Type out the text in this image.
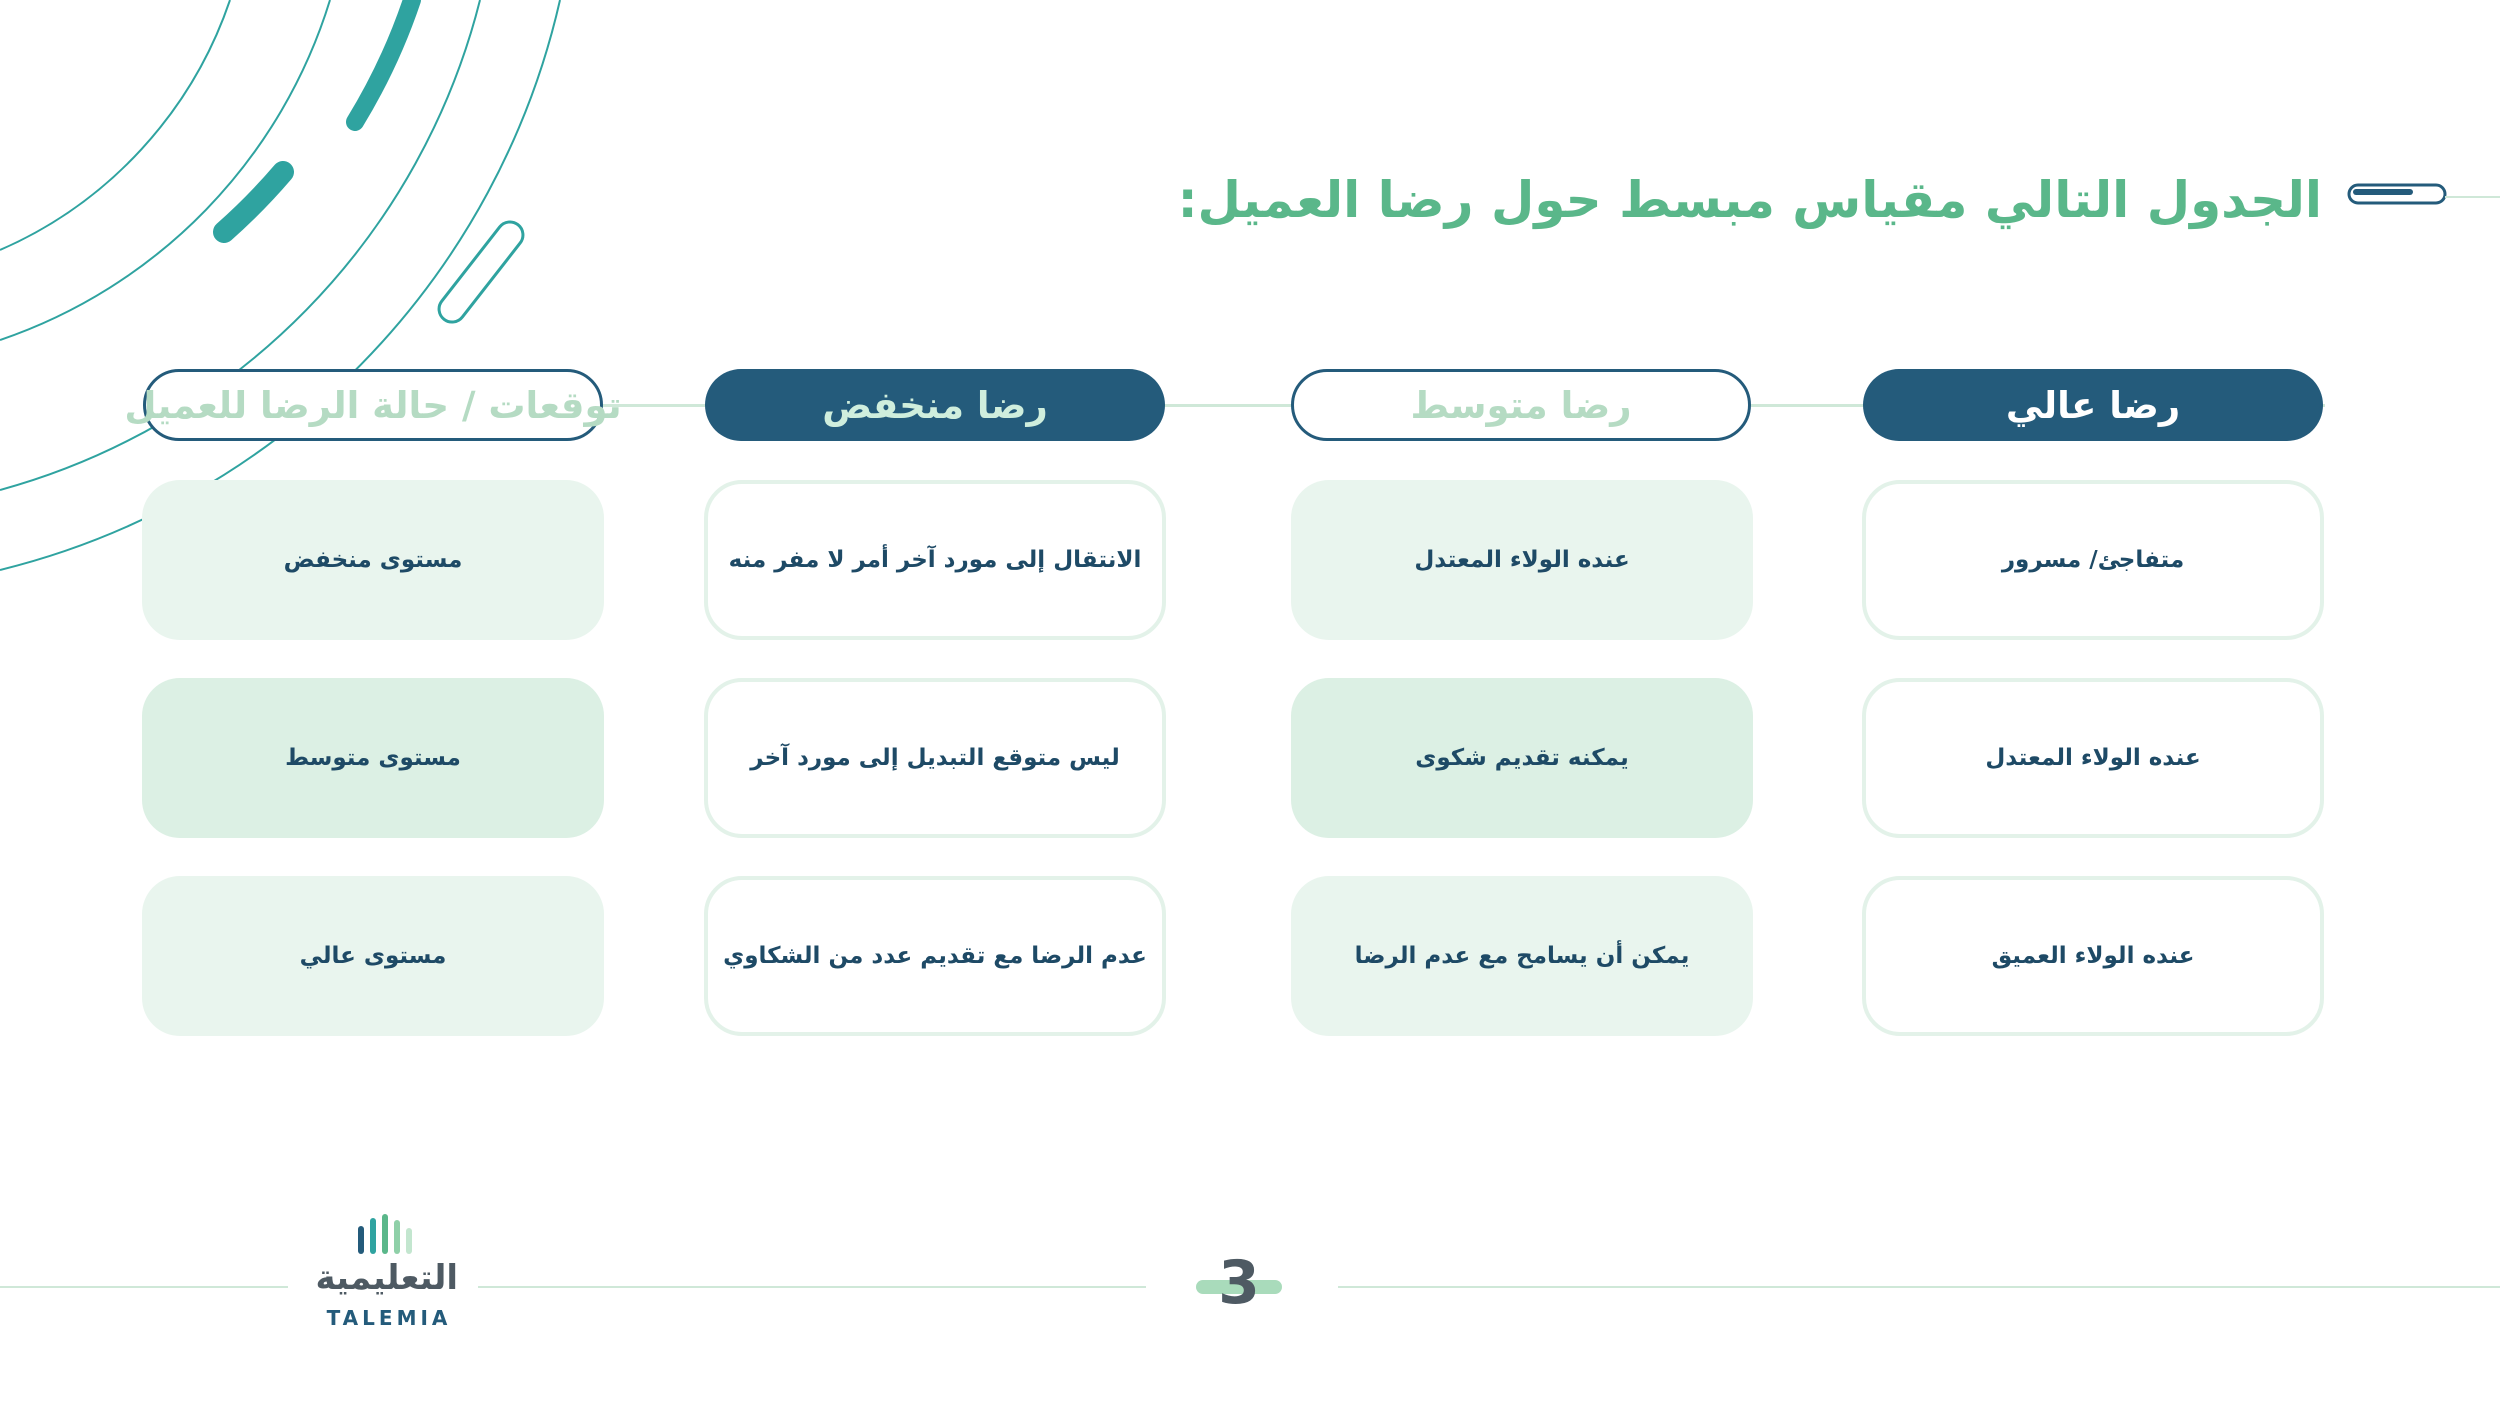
الجدول التالي مقياس مبسط حول رضا العميل:
رضا عالي
رضا متوسط
رضا منخفض
توقعات / حالة الرضا للعميل
متفاجئ/ مسرور
عنده الولاء المعتدل
الانتقال إلى مورد آخر أمر لا مفر منه
مستوى منخفض
عنده الولاء المعتدل
يمكنه تقديم شكوى
ليس متوقع التبديل إلى مورد آخر
مستوى متوسط
عنده الولاء العميق
يمكن أن يسامح مع عدم الرضا
عدم الرضا مع تقديم عدد من الشكاوي
مستوى عالي
3
التعليمية
TALEMIA
